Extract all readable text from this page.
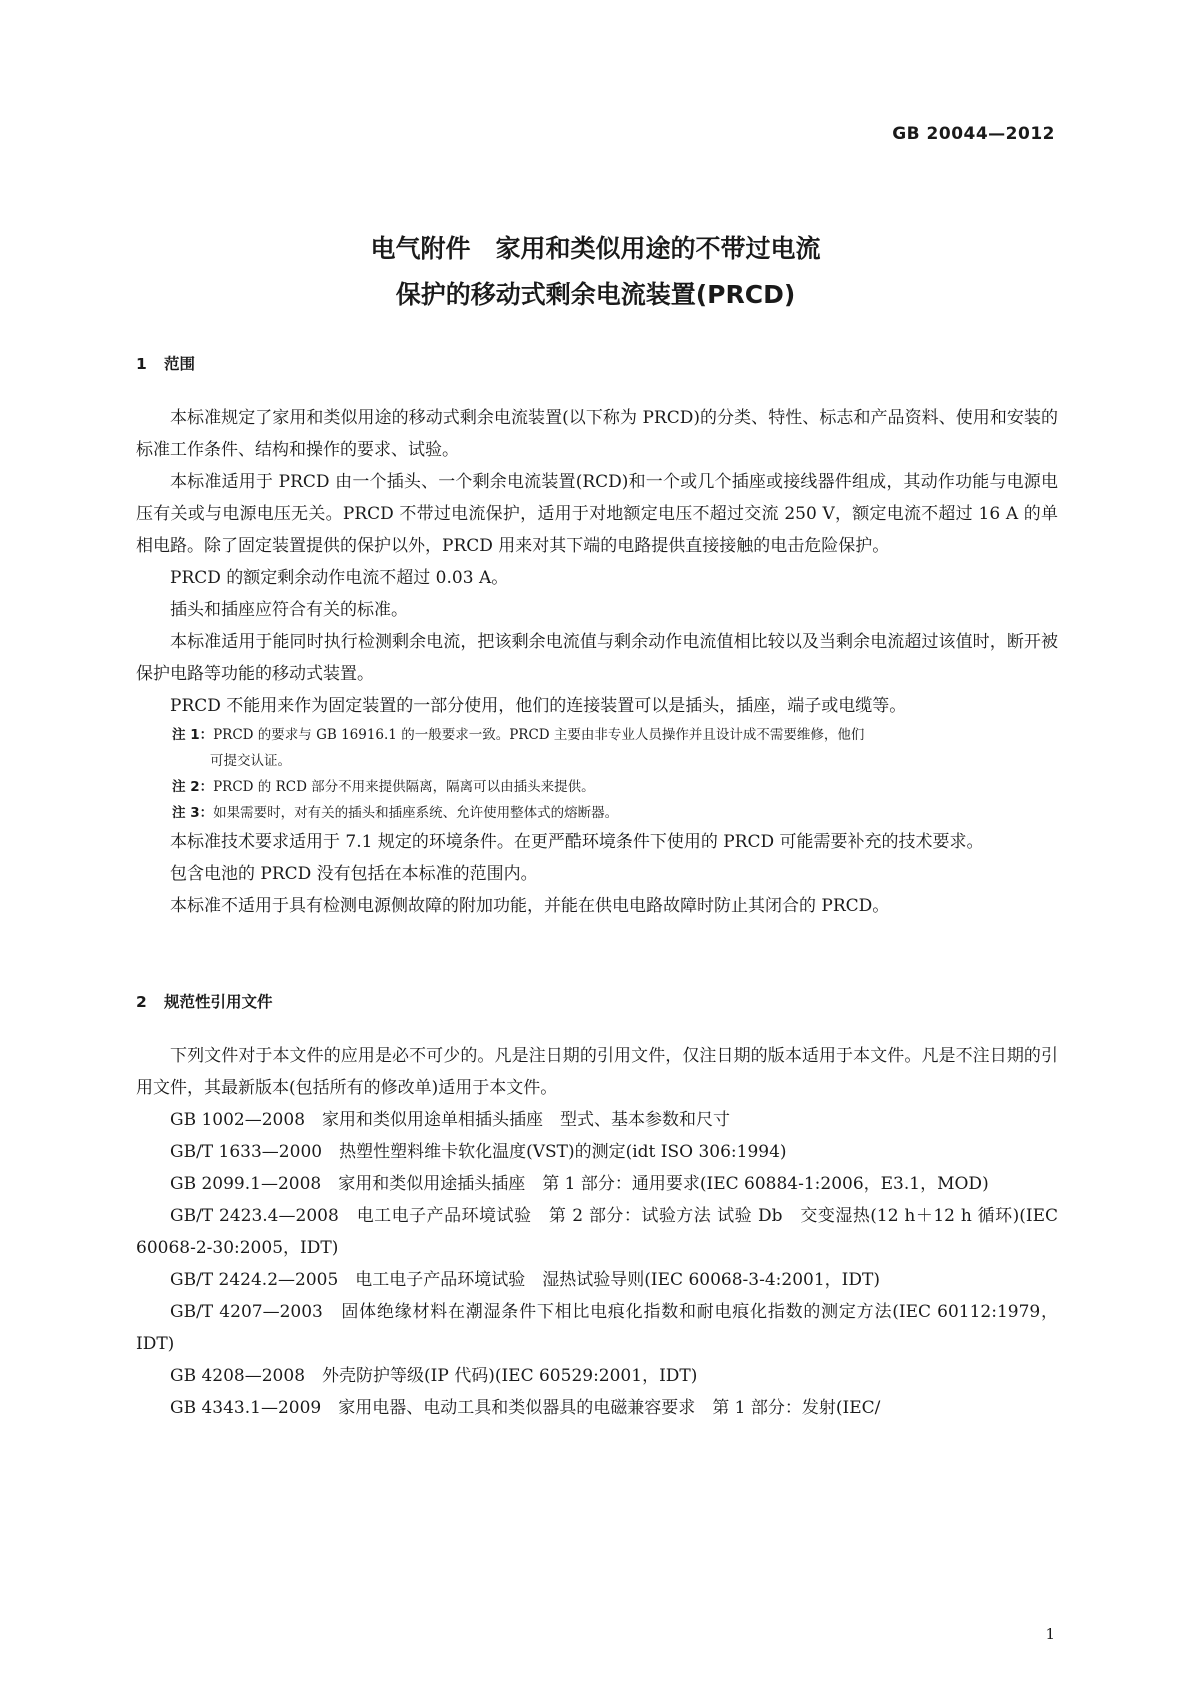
GB 20044—2012
电气附件　家用和类似用途的不带过电流
保护的移动式剩余电流装置(PRCD)
1 范围

本标准规定了家用和类似用途的移动式剩余电流装置(以下称为 PRCD)的分类、特性、标志和产品资料、使用和安装的标准工作条件、结构和操作的要求、试验。

本标准适用于 PRCD 由一个插头、一个剩余电流装置(RCD)和一个或几个插座或接线器件组成，其动作功能与电源电压有关或与电源电压无关。PRCD 不带过电流保护，适用于对地额定电压不超过交流 250 V，额定电流不超过 16 A 的单相电路。除了固定装置提供的保护以外，PRCD 用来对其下端的电路提供直接接触的电击危险保护。

PRCD 的额定剩余动作电流不超过 0.03 A。

插头和插座应符合有关的标准。

本标准适用于能同时执行检测剩余电流，把该剩余电流值与剩余动作电流值相比较以及当剩余电流超过该值时，断开被保护电路等功能的移动式装置。

PRCD 不能用来作为固定装置的一部分使用，他们的连接装置可以是插头，插座，端子或电缆等。

注 1：PRCD 的要求与 GB 16916.1 的一般要求一致。PRCD 主要由非专业人员操作并且设计成不需要维修，他们
可提交认证。

注 2：PRCD 的 RCD 部分不用来提供隔离，隔离可以由插头来提供。

注 3：如果需要时，对有关的插头和插座系统、允许使用整体式的熔断器。

本标准技术要求适用于 7.1 规定的环境条件。在更严酷环境条件下使用的 PRCD 可能需要补充的技术要求。

包含电池的 PRCD 没有包括在本标准的范围内。

本标准不适用于具有检测电源侧故障的附加功能，并能在供电电路故障时防止其闭合的 PRCD。

2 规范性引用文件

下列文件对于本文件的应用是必不可少的。凡是注日期的引用文件，仅注日期的版本适用于本文件。凡是不注日期的引用文件，其最新版本(包括所有的修改单)适用于本文件。

GB 1002—2008　家用和类似用途单相插头插座　型式、基本参数和尺寸

GB/T 1633—2000　热塑性塑料维卡软化温度(VST)的测定(idt ISO 306:1994)

GB 2099.1—2008　家用和类似用途插头插座　第 1 部分：通用要求(IEC 60884-1:2006，E3.1，MOD)

GB/T 2423.4—2008　电工电子产品环境试验　第 2 部分：试验方法 试验 Db　交变湿热(12 h＋12 h 循环)(IEC 60068-2-30:2005，IDT)

GB/T 2424.2—2005　电工电子产品环境试验　湿热试验导则(IEC 60068-3-4:2001，IDT)

GB/T 4207—2003　固体绝缘材料在潮湿条件下相比电痕化指数和耐电痕化指数的测定方法(IEC 60112:1979，IDT)

GB 4208—2008　外壳防护等级(IP 代码)(IEC 60529:2001，IDT)

GB 4343.1—2009　家用电器、电动工具和类似器具的电磁兼容要求　第 1 部分：发射(IEC/

1
